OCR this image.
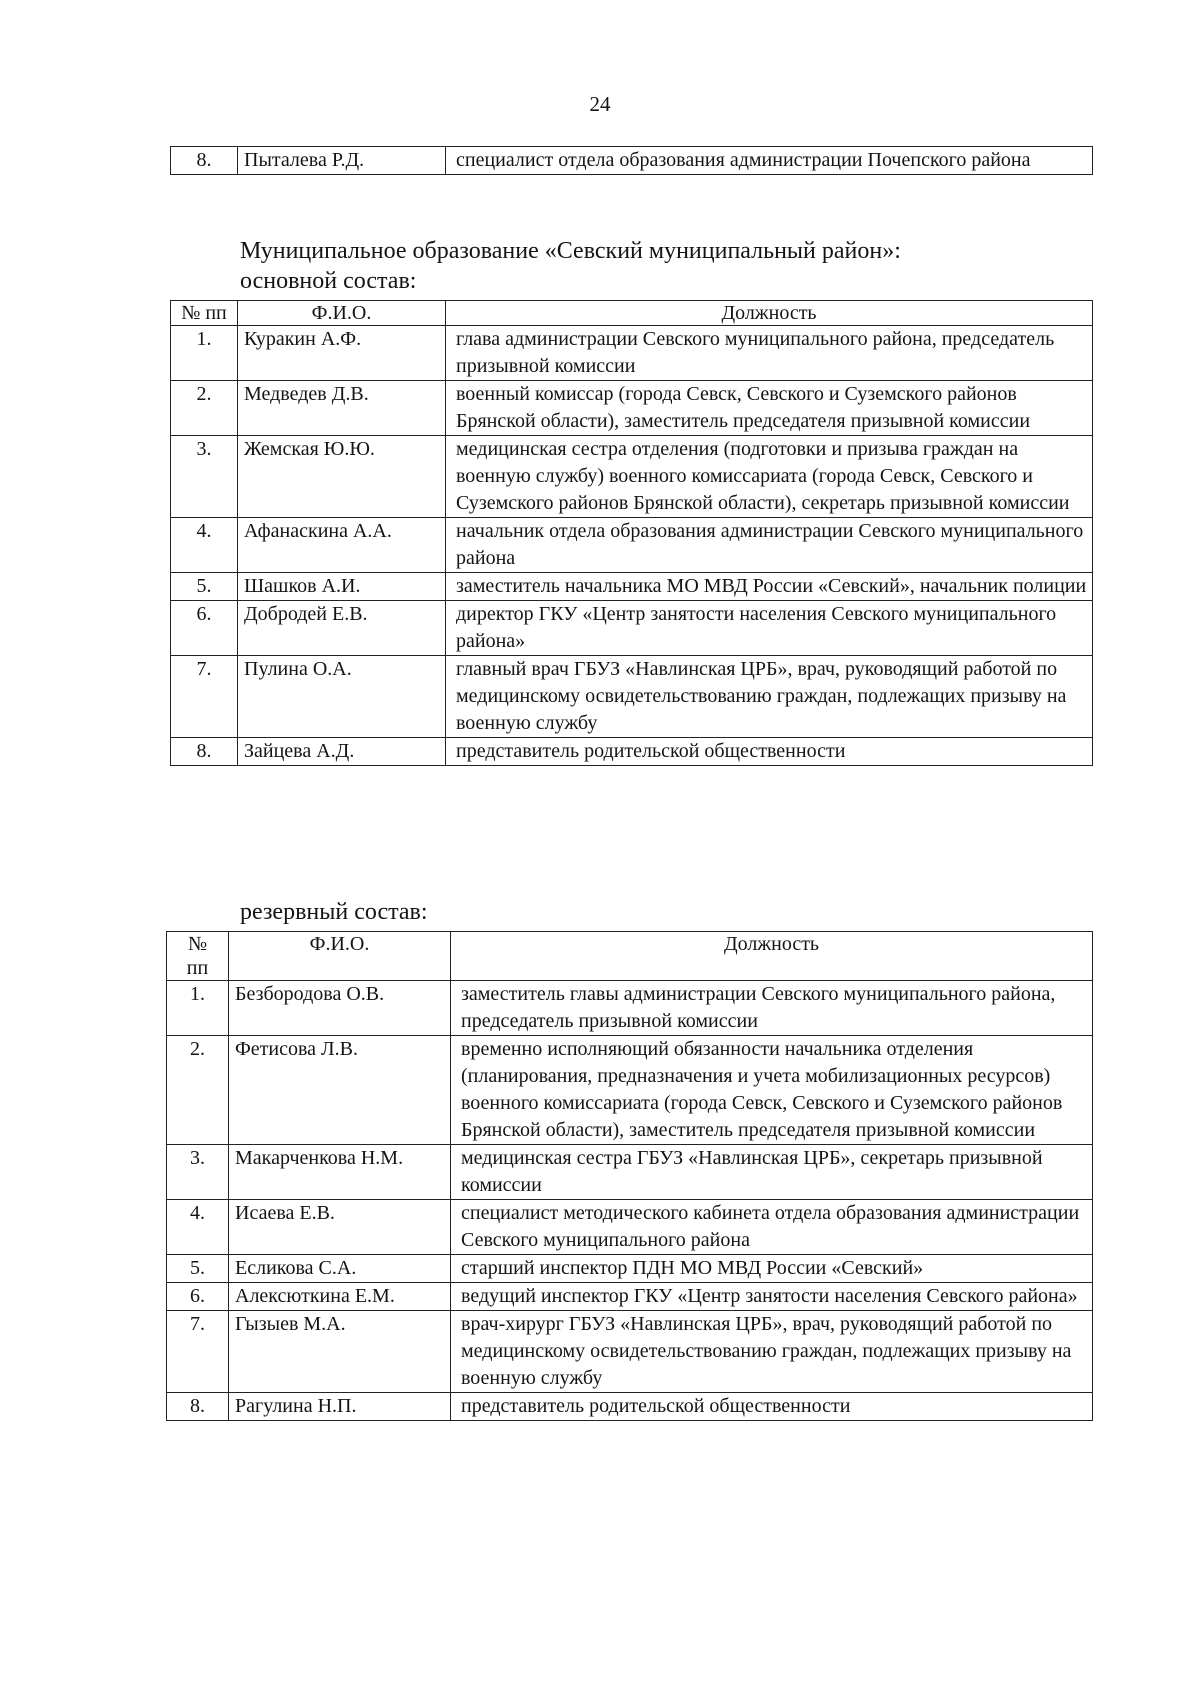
24
8.	Пыталева Р.Д.	специалист отдела образования администрации Почепского района
Муниципальное образование «Севский муниципальный район»:
основной состав:
№ пп	Ф.И.О.	Должность
1.	Куракин А.Ф.	глава администрации Севского муниципального района, председатель призывной комиссии
2.	Медведев Д.В.	военный комиссар (города Севск, Севского и Суземского районов Брянской области), заместитель председателя призывной комиссии
3.	Жемская Ю.Ю.	медицинская сестра отделения (подготовки и призыва граждан на военную службу) военного комиссариата (города Севск, Севского и Суземского районов Брянской области), секретарь призывной комиссии
4.	Афанаскина А.А.	начальник отдела образования администрации Севского муниципального района
5.	Шашков А.И.	заместитель начальника МО МВД России «Севский», начальник полиции
6.	Добродей Е.В.	директор ГКУ «Центр занятости населения Севского муниципального района»
7.	Пулина О.А.	главный врач ГБУЗ «Навлинская ЦРБ», врач, руководящий работой по медицинскому освидетельствованию граждан, подлежащих призыву на военную службу
8.	Зайцева А.Д.	представитель родительской общественности
резервный состав:
№ пп	Ф.И.О.	Должность
1.	Безбородова О.В.	заместитель главы администрации Севского муниципального района, председатель призывной комиссии
2.	Фетисова Л.В.	временно исполняющий обязанности начальника отделения (планирования, предназначения и учета мобилизационных ресурсов) военного комиссариата (города Севск, Севского и Суземского районов Брянской области), заместитель председателя призывной комиссии
3.	Макарченкова Н.М.	медицинская сестра ГБУЗ «Навлинская ЦРБ», секретарь призывной комиссии
4.	Исаева Е.В.	специалист методического кабинета отдела образования администрации Севского муниципального района
5.	Еcликова С.А.	старший инспектор ПДН МО МВД России «Севский»
6.	Алексюткина Е.М.	ведущий инспектор ГКУ «Центр занятости населения Севского района»
7.	Гызыев М.А.	врач-хирург ГБУЗ «Навлинская ЦРБ», врач, руководящий работой по медицинскому освидетельствованию граждан, подлежащих призыву на военную службу
8.	Рагулина Н.П.	представитель родительской общественности
